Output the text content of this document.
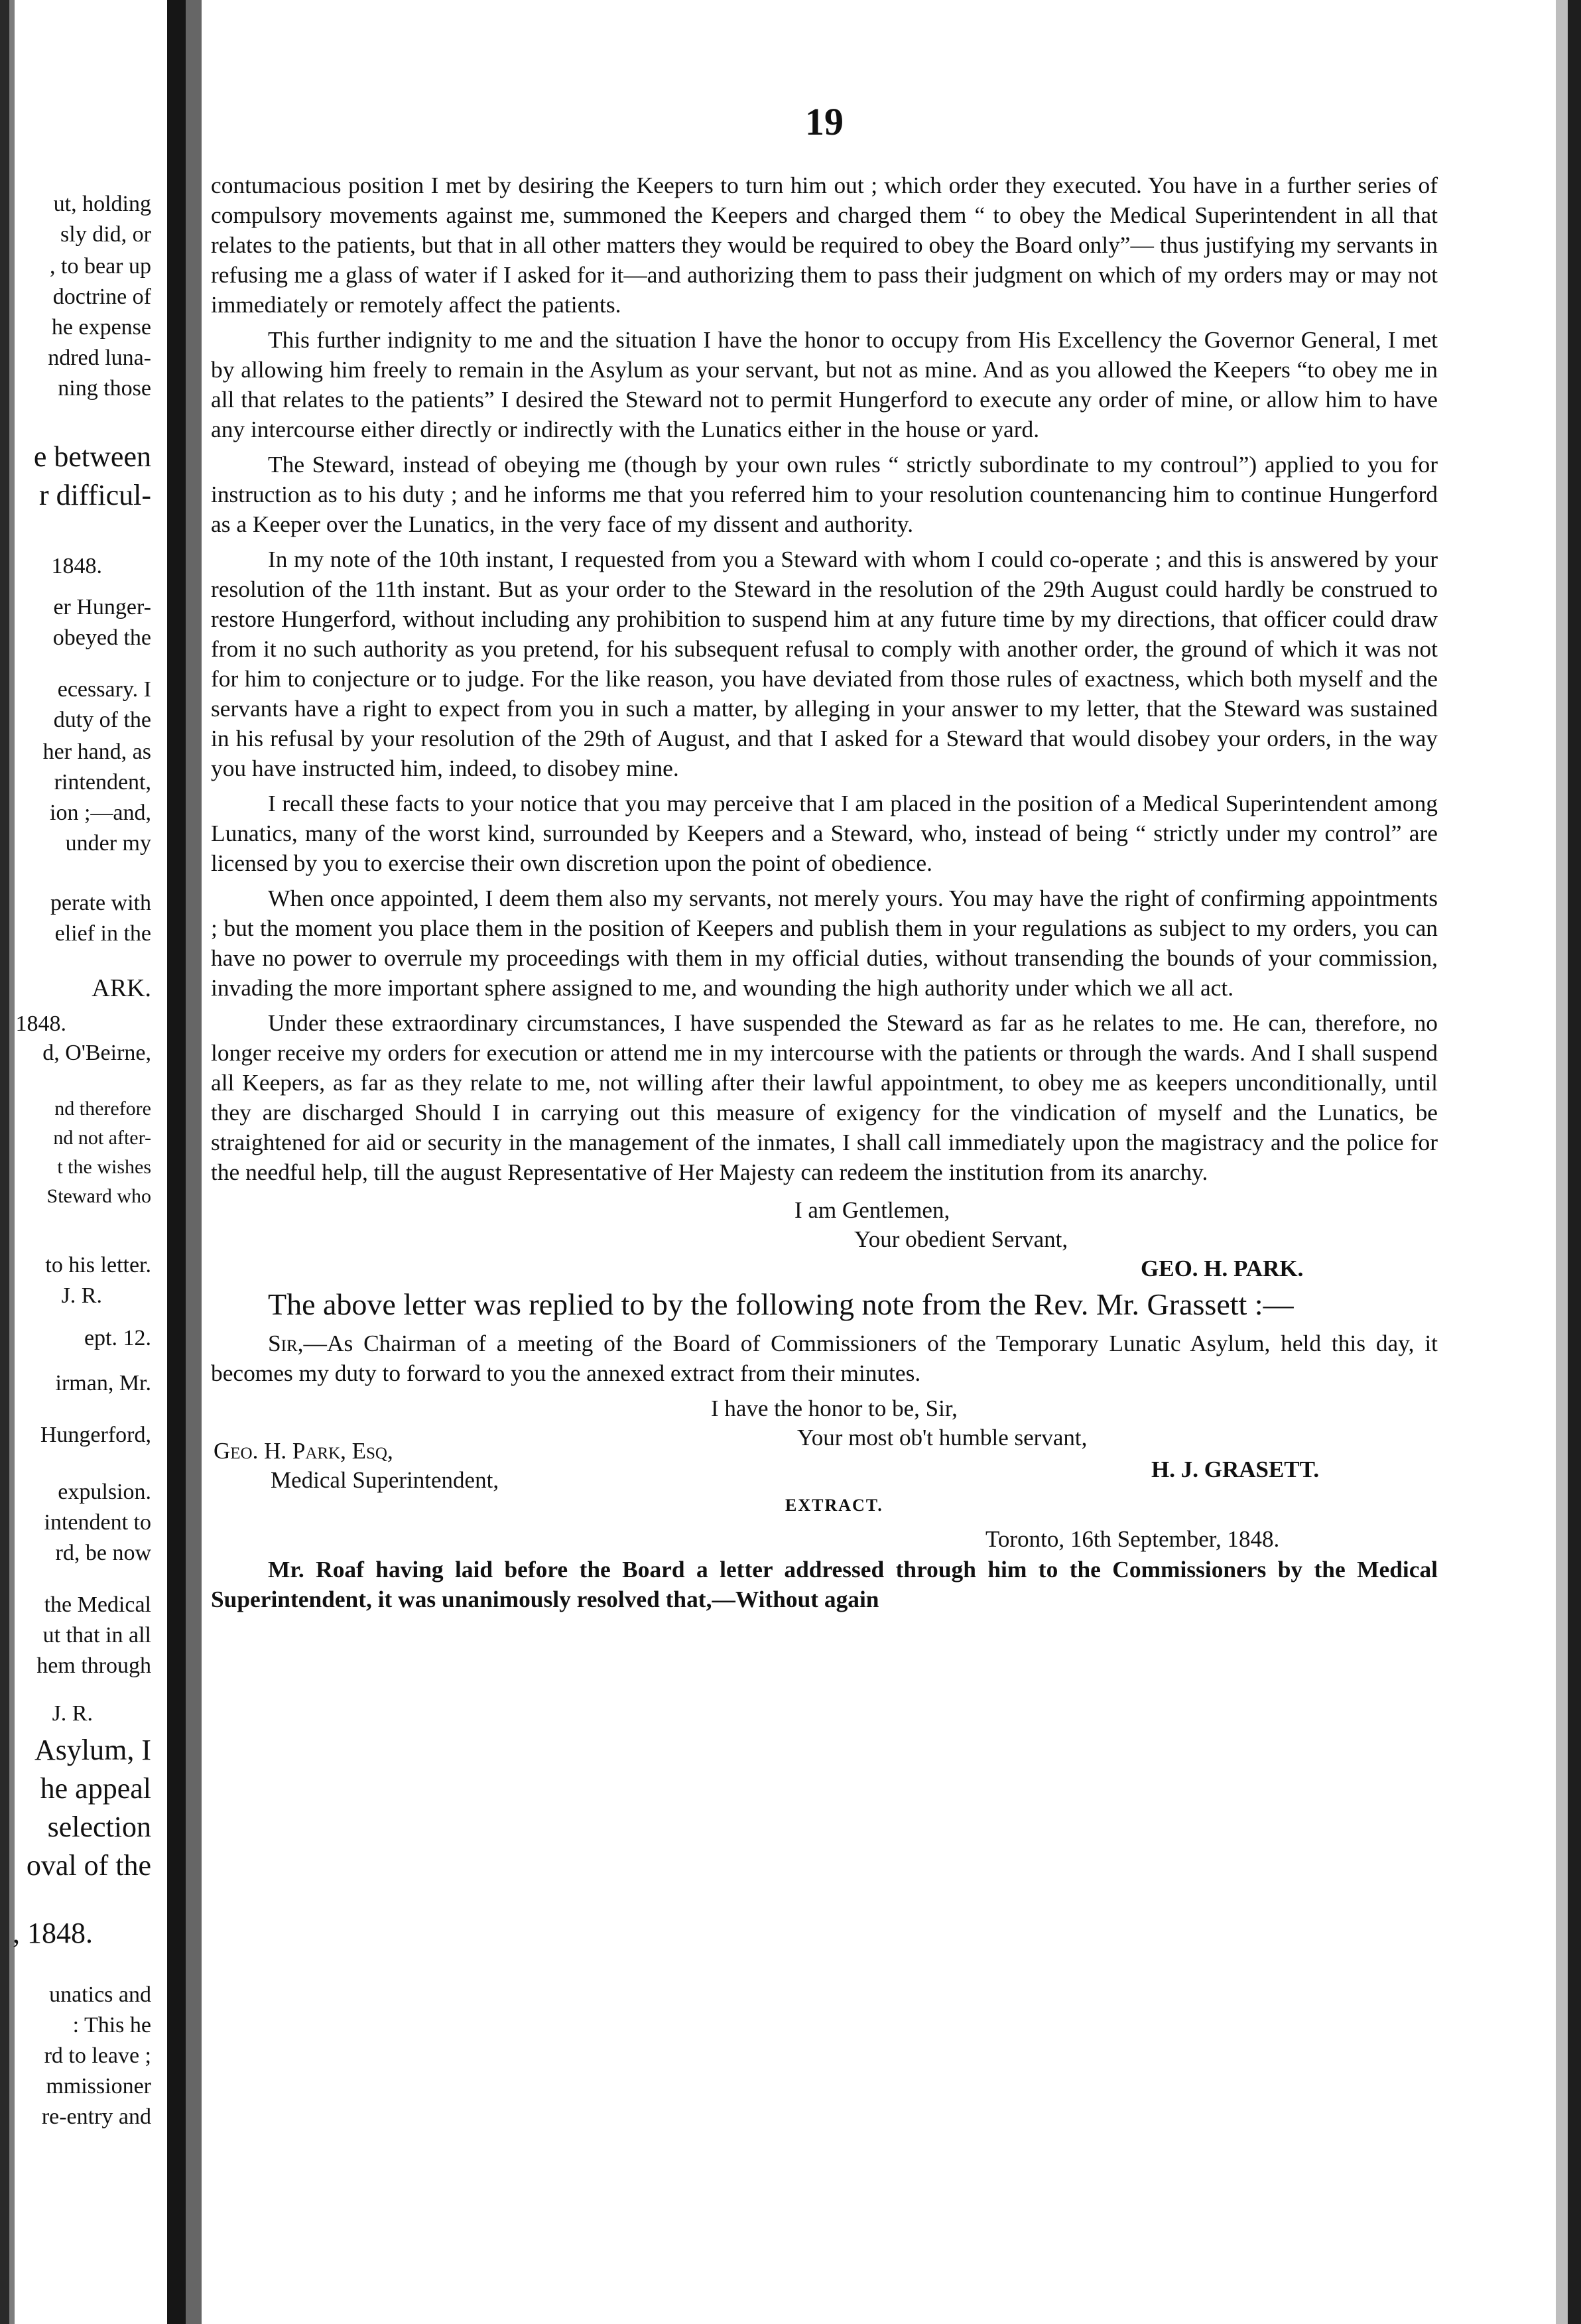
ut, holding
sly did, or
, to bear up
doctrine of
he expense
ndred luna-
ning those
e between
r difficul-
1848.
er Hunger-
obeyed the
ecessary. I
duty of the
her hand, as
rintendent,
ion ;—and,
under my
perate with
elief in the
ARK.
1848.
d, O'Beirne,
nd therefore
nd not after-
t the wishes
Steward who
to his letter.
J. R.
ept. 12.
irman, Mr.
Hungerford,
expulsion.
intendent to
rd, be now
the Medical
ut that in all
hem through
J. R.
Asylum, I
he appeal
selection
oval of the
, 1848.
unatics and
: This he
rd to leave ;
mmissioner
re-entry and
19

contumacious position I met by desiring the Keepers to turn him out ; which order they executed. You have in a further series of compulsory movements against me, summoned the Keepers and charged them “ to obey the Medical Superintendent in all that relates to the patients, but that in all other matters they would be required to obey the Board only”— thus justifying my servants in refusing me a glass of water if I asked for it—and authorizing them to pass their judgment on which of my orders may or may not immediately or remotely affect the patients.

This further indignity to me and the situation I have the honor to occupy from His Excellency the Governor General, I met by allowing him freely to remain in the Asylum as your servant, but not as mine. And as you allowed the Keepers “to obey me in all that relates to the patients” I desired the Steward not to permit Hungerford to execute any order of mine, or allow him to have any intercourse either directly or indirectly with the Lunatics either in the house or yard.

The Steward, instead of obeying me (though by your own rules “ strictly subordinate to my controul”) applied to you for instruction as to his duty ; and he informs me that you referred him to your resolution countenancing him to continue Hungerford as a Keeper over the Lunatics, in the very face of my dissent and authority.

In my note of the 10th instant, I requested from you a Steward with whom I could co-operate ; and this is answered by your resolution of the 11th instant. But as your order to the Steward in the resolution of the 29th August could hardly be construed to restore Hungerford, without including any prohibition to suspend him at any future time by my directions, that officer could draw from it no such authority as you pretend, for his subsequent refusal to comply with another order, the ground of which it was not for him to conjecture or to judge. For the like reason, you have deviated from those rules of exactness, which both myself and the servants have a right to expect from you in such a matter, by alleging in your answer to my letter, that the Steward was sustained in his refusal by your resolution of the 29th of August, and that I asked for a Steward that would disobey your orders, in the way you have instructed him, indeed, to disobey mine.

I recall these facts to your notice that you may perceive that I am placed in the position of a Medical Superintendent among Lunatics, many of the worst kind, surrounded by Keepers and a Steward, who, instead of being “ strictly under my control” are licensed by you to exercise their own discretion upon the point of obedience.

When once appointed, I deem them also my servants, not merely yours. You may have the right of confirming appointments ; but the moment you place them in the position of Keepers and publish them in your regulations as subject to my orders, you can have no power to overrule my proceedings with them in my official duties, without transending the bounds of your commission, invading the more important sphere assigned to me, and wounding the high authority under which we all act.

Under these extraordinary circumstances, I have suspended the Steward as far as he relates to me. He can, therefore, no longer receive my orders for execution or attend me in my intercourse with the patients or through the wards. And I shall suspend all Keepers, as far as they relate to me, not willing after their lawful appointment, to obey me as keepers unconditionally, until they are discharged Should I in carrying out this measure of exigency for the vindication of myself and the Lunatics, be straightened for aid or security in the management of the inmates, I shall call immediately upon the magistracy and the police for the needful help, till the august Representative of Her Majesty can redeem the institution from its anarchy.

I am Gentlemen,
Your obedient Servant,
GEO. H. PARK.

The above letter was replied to by the following note from the Rev. Mr. Grassett :—

Sir,—As Chairman of a meeting of the Board of Commissioners of the Temporary Lunatic Asylum, held this day, it becomes my duty to forward to you the annexed extract from their minutes.

I have the honor to be, Sir,
Your most ob't humble servant,
Geo. H. Park, Esq,
Medical Superintendent,	H. J. GRASETT.
EXTRACT.
Toronto, 16th September, 1848.

Mr. Roaf having laid before the Board a letter addressed through him to the Commissioners by the Medical Superintendent, it was unanimously resolved that,—Without again
